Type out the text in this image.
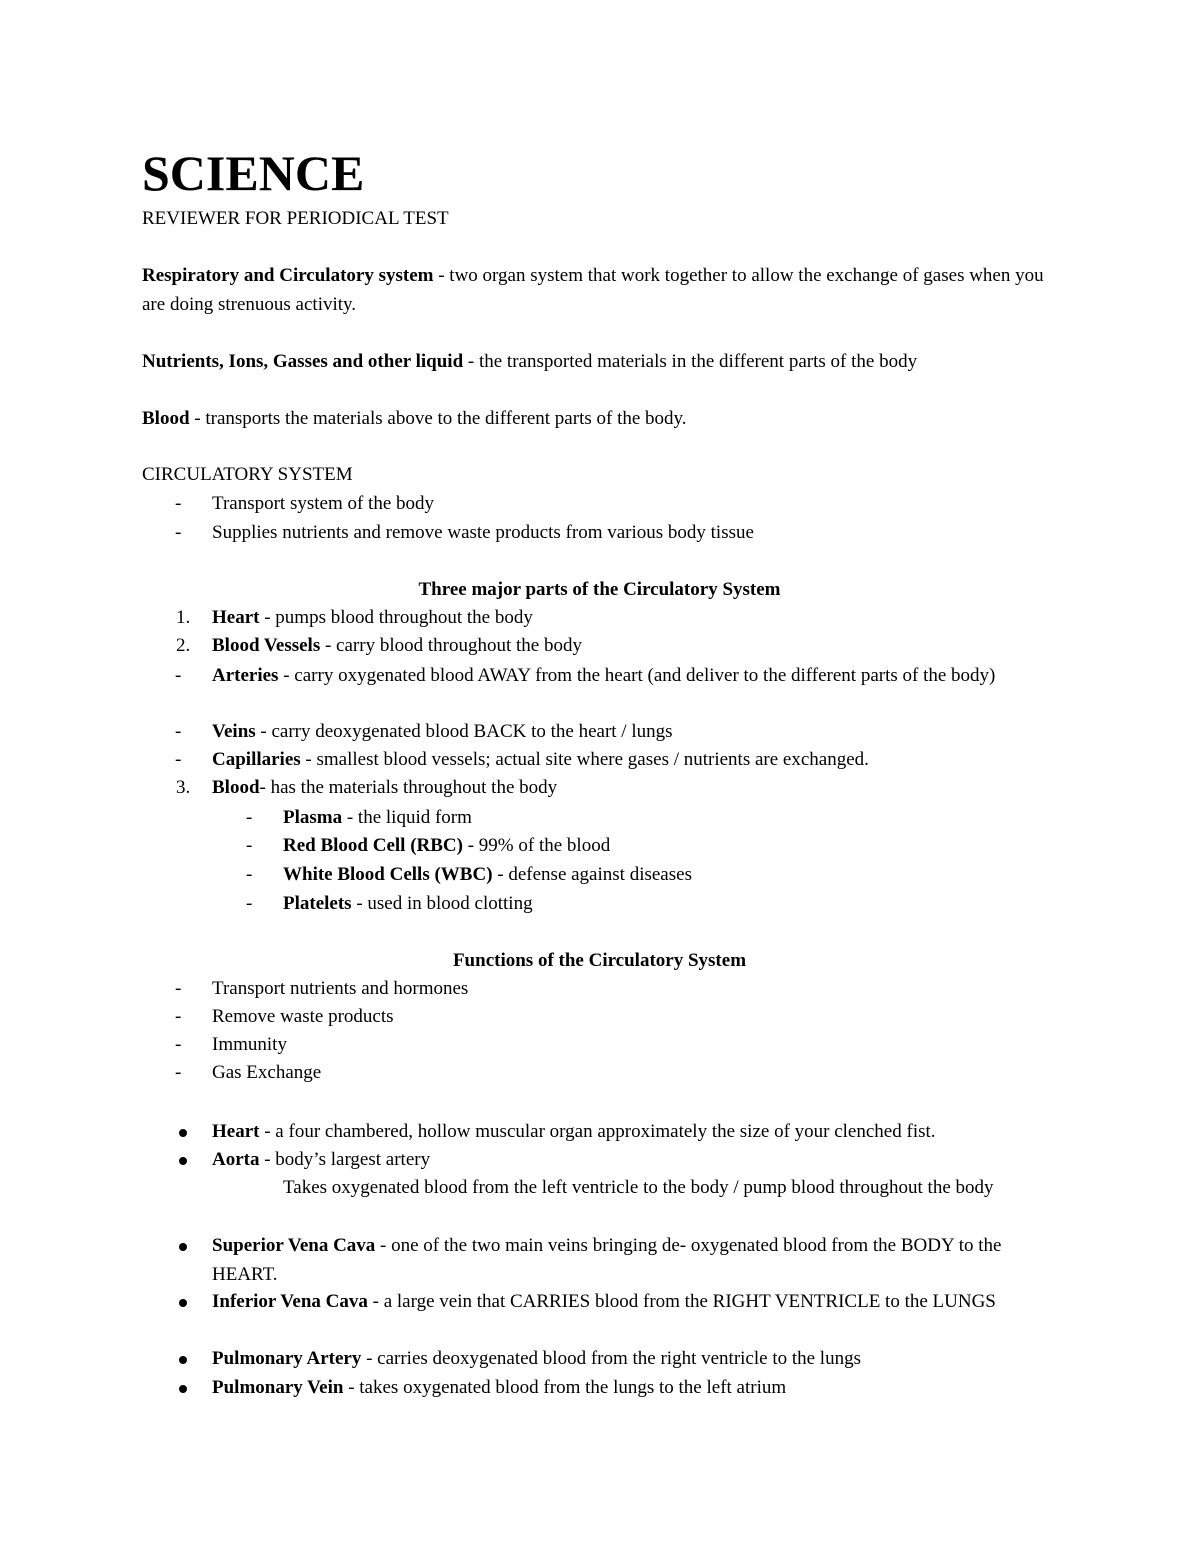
SCIENCE

REVIEWER FOR PERIODICAL TEST

Respiratory and Circulatory system - two organ system that work together to allow the exchange of gases when you are doing strenuous activity.

Nutrients, Ions, Gasses and other liquid - the transported materials in the different parts of the body

Blood - transports the materials above to the different parts of the body.

CIRCULATORY SYSTEM
- Transport system of the body
- Supplies nutrients and remove waste products from various body tissue
Three major parts of the Circulatory System
1. Heart - pumps blood throughout the body
2. Blood Vessels - carry blood throughout the body
- Arteries - carry oxygenated blood AWAY from the heart (and deliver to the different parts of the body)
- Veins - carry deoxygenated blood BACK to the heart / lungs
- Capillaries - smallest blood vessels; actual site where gases / nutrients are exchanged.
3. Blood- has the materials throughout the body
- Plasma - the liquid form
- Red Blood Cell (RBC) - 99% of the blood
- White Blood Cells (WBC) - defense against diseases
- Platelets - used in blood clotting
Functions of the Circulatory System
- Transport nutrients and hormones
- Remove waste products
- Immunity
- Gas Exchange
Heart - a four chambered, hollow muscular organ approximately the size of your clenched fist.
Aorta - body’s largest artery
Takes oxygenated blood from the left ventricle to the body / pump blood throughout the body
Superior Vena Cava - one of the two main veins bringing de- oxygenated blood from the BODY to the HEART.
Inferior Vena Cava - a large vein that CARRIES blood from the RIGHT VENTRICLE to the LUNGS
Pulmonary Artery - carries deoxygenated blood from the right ventricle to the lungs
Pulmonary Vein - takes oxygenated blood from the lungs to the left atrium
